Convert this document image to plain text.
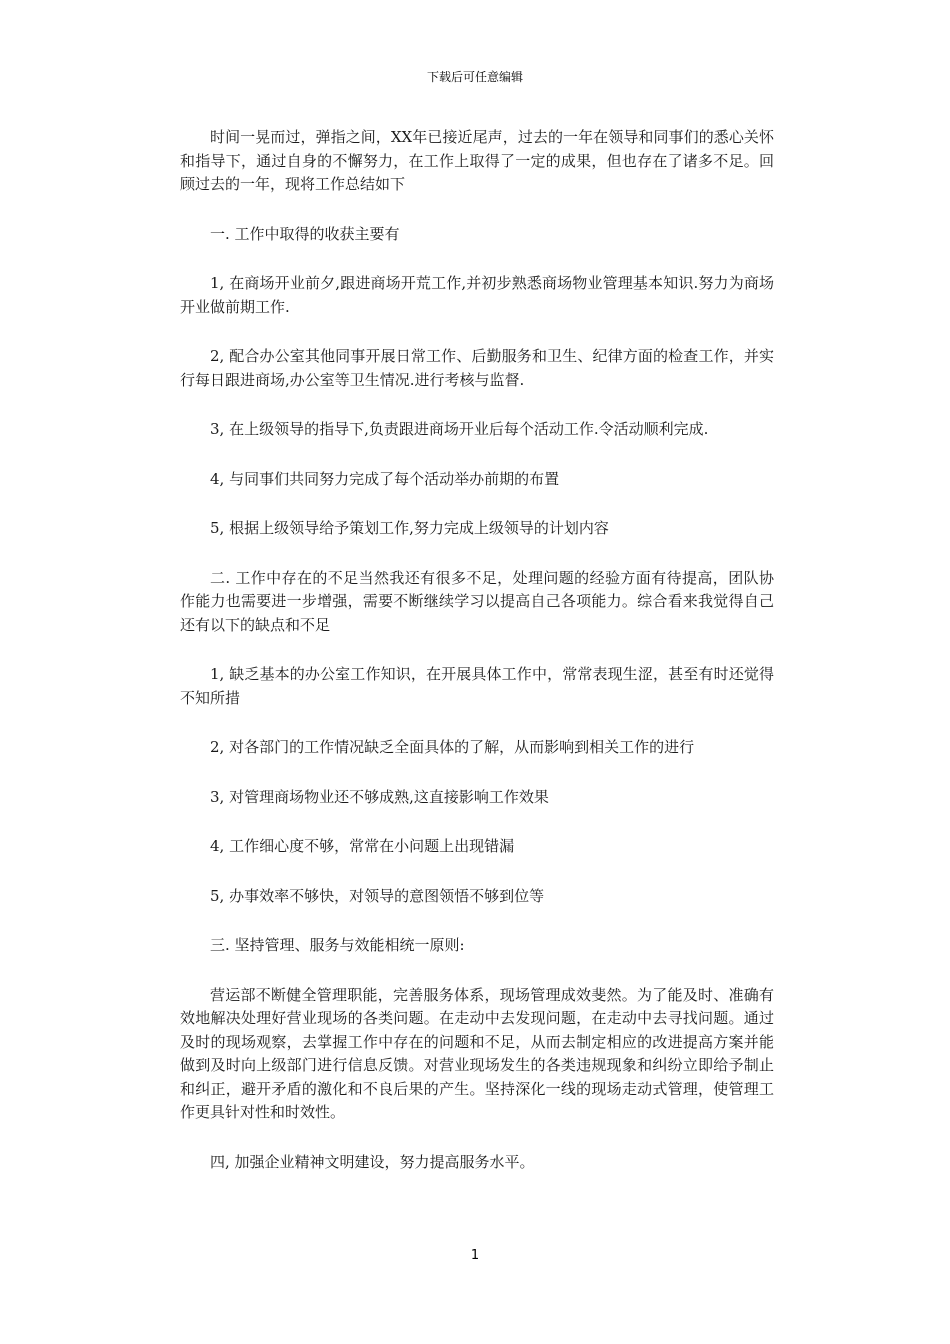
下载后可任意编辑

时间一晃而过，弹指之间，XX年已接近尾声，过去的一年在领导和同事们的悉心关怀和指导下，通过自身的不懈努力，在工作上取得了一定的成果，但也存在了诸多不足。回顾过去的一年，现将工作总结如下

一. 工作中取得的收获主要有

1, 在商场开业前夕,跟进商场开荒工作,并初步熟悉商场物业管理基本知识.努力为商场开业做前期工作.

2, 配合办公室其他同事开展日常工作、后勤服务和卫生、纪律方面的检查工作，并实行每日跟进商场,办公室等卫生情况.进行考核与监督.

3, 在上级领导的指导下,负责跟进商场开业后每个活动工作.令活动顺利完成.

4, 与同事们共同努力完成了每个活动举办前期的布置

5, 根据上级领导给予策划工作,努力完成上级领导的计划内容

二. 工作中存在的不足当然我还有很多不足，处理问题的经验方面有待提高，团队协作能力也需要进一步增强，需要不断继续学习以提高自己各项能力。综合看来我觉得自己还有以下的缺点和不足

1, 缺乏基本的办公室工作知识，在开展具体工作中，常常表现生涩，甚至有时还觉得不知所措

2, 对各部门的工作情况缺乏全面具体的了解，从而影响到相关工作的进行

3, 对管理商场物业还不够成熟,这直接影响工作效果

4, 工作细心度不够，常常在小问题上出现错漏

5, 办事效率不够快，对领导的意图领悟不够到位等

三. 坚持管理、服务与效能相统一原则:

营运部不断健全管理职能，完善服务体系，现场管理成效斐然。为了能及时、准确有效地解决处理好营业现场的各类问题。在走动中去发现问题，在走动中去寻找问题。通过及时的现场观察，去掌握工作中存在的问题和不足，从而去制定相应的改进提高方案并能做到及时向上级部门进行信息反馈。对营业现场发生的各类违规现象和纠纷立即给予制止和纠正，避开矛盾的激化和不良后果的产生。坚持深化一线的现场走动式管理，使管理工作更具针对性和时效性。

四, 加强企业精神文明建设，努力提高服务水平。

1
